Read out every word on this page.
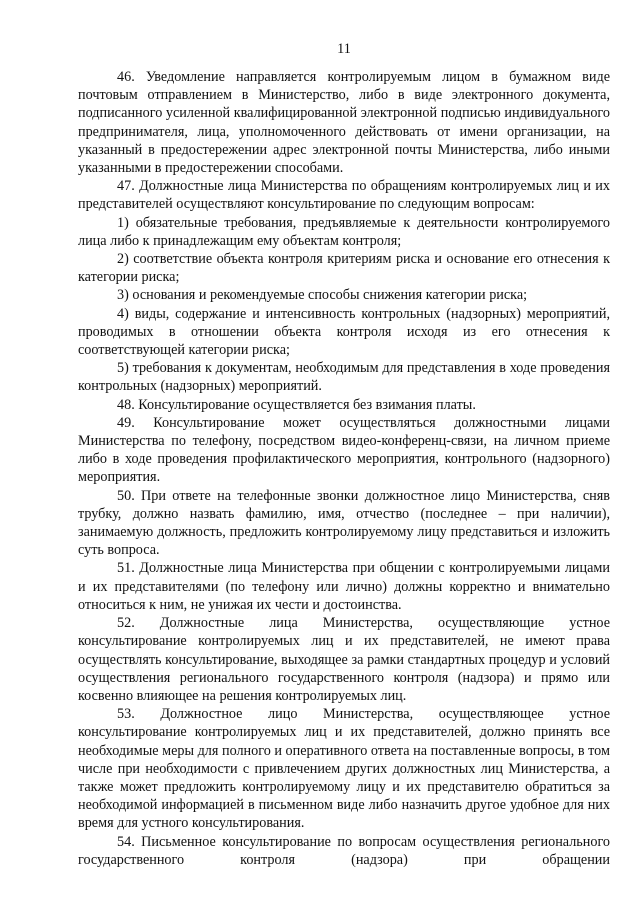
11

46. Уведомление направляется контролируемым лицом в бумажном виде почтовым отправлением в Министерство, либо в виде электронного документа, подписанного усиленной квалифицированной электронной подписью индивидуального предпринимателя, лица, уполномоченного действовать от имени организации, на указанный в предостережении адрес электронной почты Министерства, либо иными указанными в предостережении способами.

47. Должностные лица Министерства по обращениям контролируемых лиц и их представителей осуществляют консультирование по следующим вопросам:

1) обязательные требования, предъявляемые к деятельности контролируемого лица либо к принадлежащим ему объектам контроля;

2) соответствие объекта контроля критериям риска и основание его отнесения к категории риска;

3) основания и рекомендуемые способы снижения категории риска;

4) виды, содержание и интенсивность контрольных (надзорных) мероприятий, проводимых в отношении объекта контроля исходя из его отнесения к соответствующей категории риска;

5) требования к документам, необходимым для представления в ходе проведения контрольных (надзорных) мероприятий.

48. Консультирование осуществляется без взимания платы.

49. Консультирование может осуществляться должностными лицами Министерства по телефону, посредством видео-конференц-связи, на личном приеме либо в ходе проведения профилактического мероприятия, контрольного (надзорного) мероприятия.

50. При ответе на телефонные звонки должностное лицо Министерства, сняв трубку, должно назвать фамилию, имя, отчество (последнее – при наличии), занимаемую должность, предложить контролируемому лицу представиться и изложить суть вопроса.

51. Должностные лица Министерства при общении с контролируемыми лицами и их представителями (по телефону или лично) должны корректно и внимательно относиться к ним, не унижая их чести и достоинства.

52. Должностные лица Министерства, осуществляющие устное консультирование контролируемых лиц и их представителей, не имеют права осуществлять консультирование, выходящее за рамки стандартных процедур и условий осуществления регионального государственного контроля (надзора) и прямо или косвенно влияющее на решения контролируемых лиц.

53. Должностное лицо Министерства, осуществляющее устное консультирование контролируемых лиц и их представителей, должно принять все необходимые меры для полного и оперативного ответа на поставленные вопросы, в том числе при необходимости с привлечением других должностных лиц Министерства, а также может предложить контролируемому лицу и их представителю обратиться за необходимой информацией в письменном виде либо назначить другое удобное для них время для устного консультирования.

54. Письменное консультирование по вопросам осуществления регионального государственного контроля (надзора) при обращении
